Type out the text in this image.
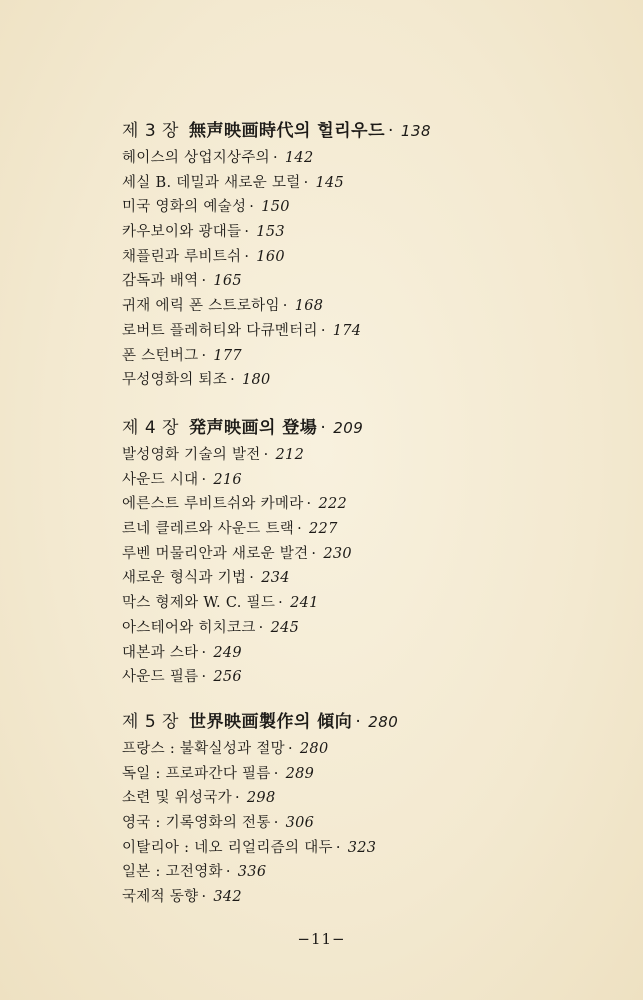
제 3 장 無声映画時代의 헐리우드 · 138
헤이스의 상업지상주의 · 142
세실 B. 데밀과 새로운 모럴 · 145
미국 영화의 예술성 · 150
카우보이와 광대들 · 153
채플린과 루비트쉬 · 160
감독과 배역 · 165
귀재 에릭 폰 스트로하임 · 168
로버트 플레허티와 다큐멘터리 · 174
폰 스턴버그 · 177
무성영화의 퇴조 · 180
제 4 장 発声映画의 登場 · 209
발성영화 기술의 발전 · 212
사운드 시대 · 216
에른스트 루비트쉬와 카메라 · 222
르네 클레르와 사운드 트랙 · 227
루벤 머물리안과 새로운 발견 · 230
새로운 형식과 기법 · 234
막스 형제와 W. C. 필드 · 241
아스테어와 히치코크 · 245
대본과 스타 · 249
사운드 필름 · 256
제 5 장 世界映画製作의 傾向 · 280
프랑스 : 불확실성과 절망 · 280
독일 : 프로파간다 필름 · 289
소련 및 위성국가 · 298
영국 : 기록영화의 전통 · 306
이탈리아 : 네오 리얼리즘의 대두 · 323
일본 : 고전영화 · 336
국제적 동향 · 342
−11−
